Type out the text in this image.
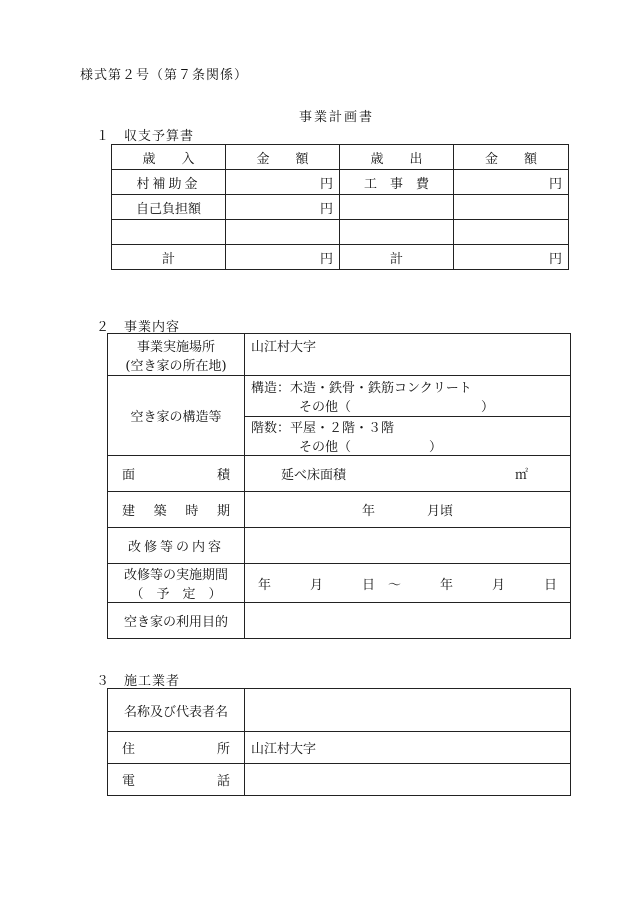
様式第２号（第７条関係）
事業計画書
１　収支予算書
歳　　入	金　　額	歳　　出	金　　額
村補助金	円	工　事　費	円
自己負担額	円		

計	円	計	円
２　事業内容
事業実施場所
(空き家の所在地)	山江村大字
空き家の構造等	構造：木造・鉄骨・鉄筋コンクリート
その他（　　　　　　　　　　）

	階数：平屋・２階・３階
その他（　　　　　　）

面 積	延べ床面積 ㎡

建 築 時 期	年　　　　月頃
改修等の内容	

改修等の実施期間
（　予　定　）	年　　　月　　　日　～　　　年　　　月　　　日
空き家の利用目的	
３　施工業者
名称及び代表者名	

住 所	山江村大字

電 話	
